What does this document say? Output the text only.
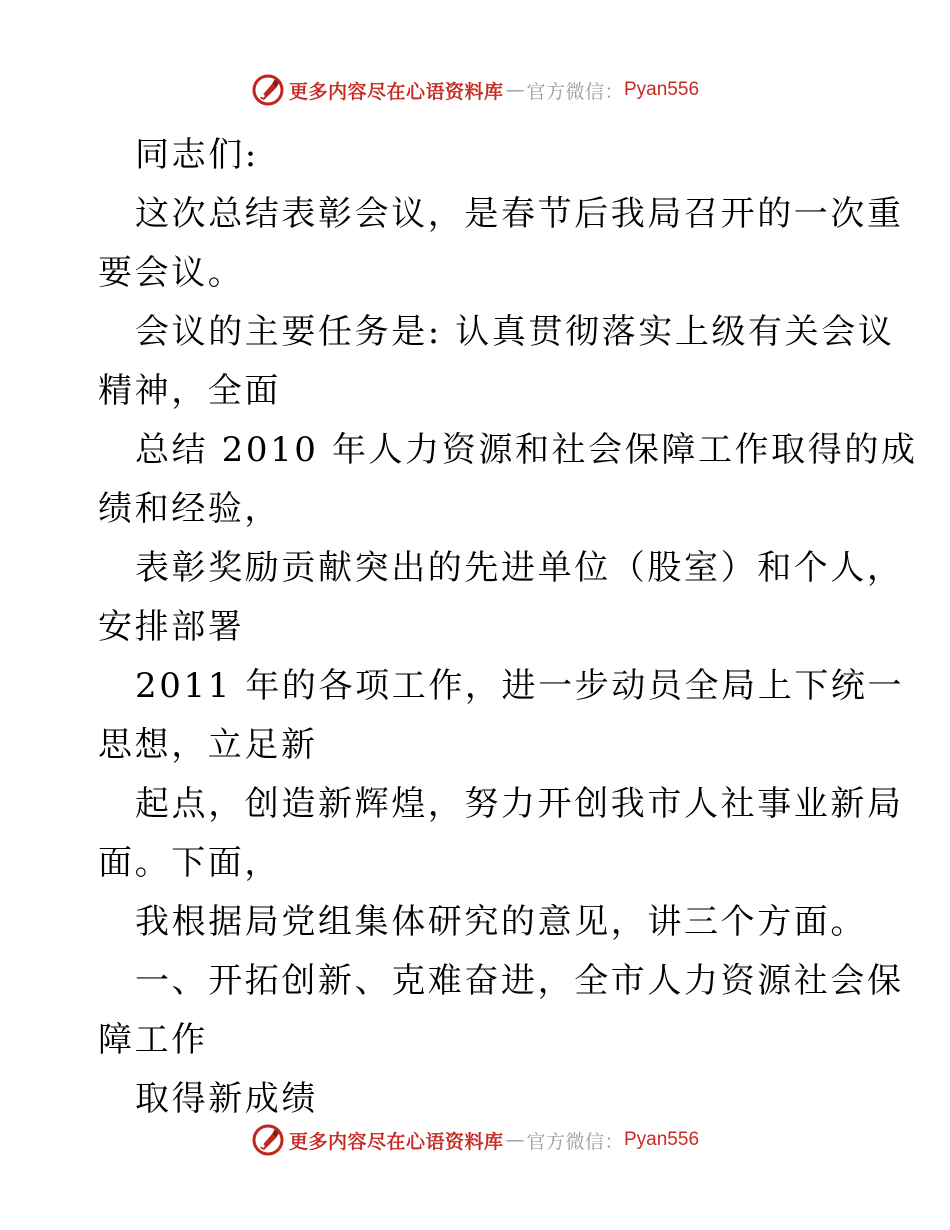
更多内容尽在心语资料库 — 官方微信： Pyan556
同志们:
这次总结表彰会议，是春节后我局召开的一次重
要会议。
会议的主要任务是: 认真贯彻落实上级有关会议
精神，全面
总结 2010 年人力资源和社会保障工作取得的成
绩和经验，
表彰奖励贡献突出的先进单位（股室）和个人，
安排部署
2011 年的各项工作，进一步动员全局上下统一
思想，立足新
起点，创造新辉煌，努力开创我市人社事业新局
面。下面，
我根据局党组集体研究的意见，讲三个方面。
一、开拓创新、克难奋进，全市人力资源社会保
障工作
取得新成绩
更多内容尽在心语资料库 — 官方微信： Pyan556
